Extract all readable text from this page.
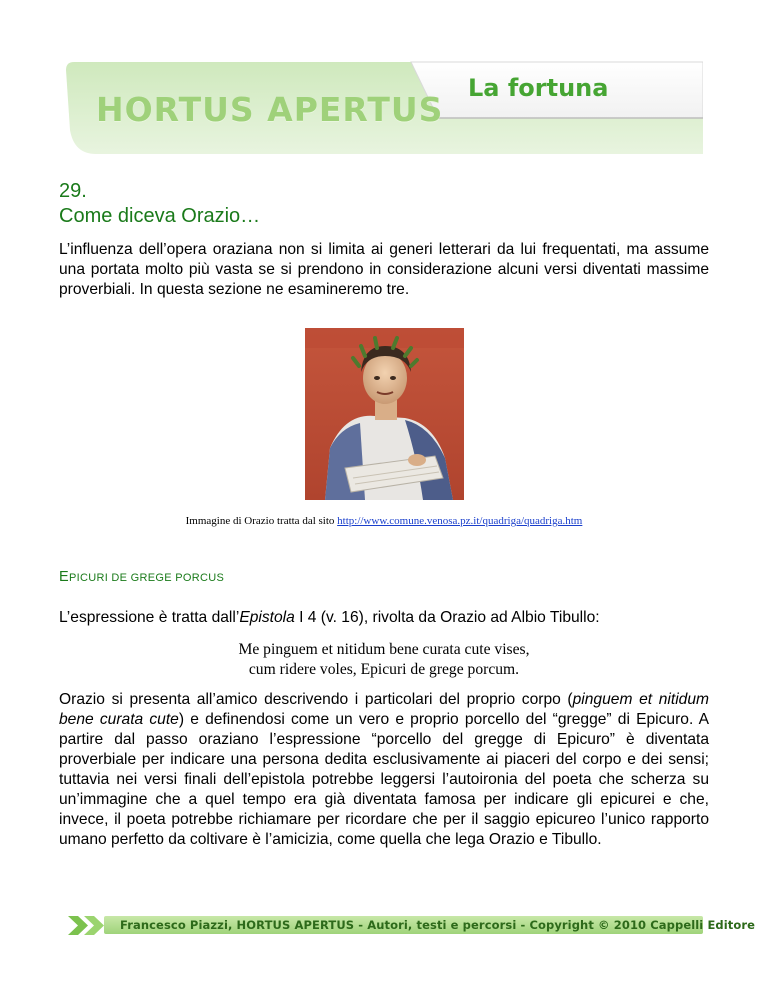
HORTUS APERTUS
La fortuna
29.
Come diceva Orazio…
L’influenza dell’opera oraziana non si limita ai generi letterari da lui frequentati, ma assume una portata molto più vasta se si prendono in considerazione alcuni versi diventati massime proverbiali. In questa sezione ne esamineremo tre.
Immagine di Orazio tratta dal sito http://www.comune.venosa.pz.it/quadriga/quadriga.htm
EPICURI DE GREGE PORCUS
L’espressione è tratta dall’Epistola I 4 (v. 16), rivolta da Orazio ad Albio Tibullo:
Me pinguem et nitidum bene curata cute vises,
cum ridere voles, Epicuri de grege porcum.
Orazio si presenta all’amico descrivendo i particolari del proprio corpo (pinguem et nitidum bene curata cute) e definendosi come un vero e proprio porcello del “gregge” di Epicuro. A partire dal passo oraziano l’espressione “porcello del gregge di Epicuro” è diventata proverbiale per indicare una persona dedita esclusivamente ai piaceri del corpo e dei sensi; tuttavia nei versi finali dell’epistola potrebbe leggersi l’autoironia del poeta che scherza su un’immagine che a quel tempo era già diventata famosa per indicare gli epicurei e che, invece, il poeta potrebbe richiamare per ricordare che per il saggio epicureo l’unico rapporto umano perfetto da coltivare è l’amicizia, come quella che lega Orazio e Tibullo.
Francesco Piazzi, HORTUS APERTUS - Autori, testi e percorsi - Copyright © 2010 Cappelli Editore
